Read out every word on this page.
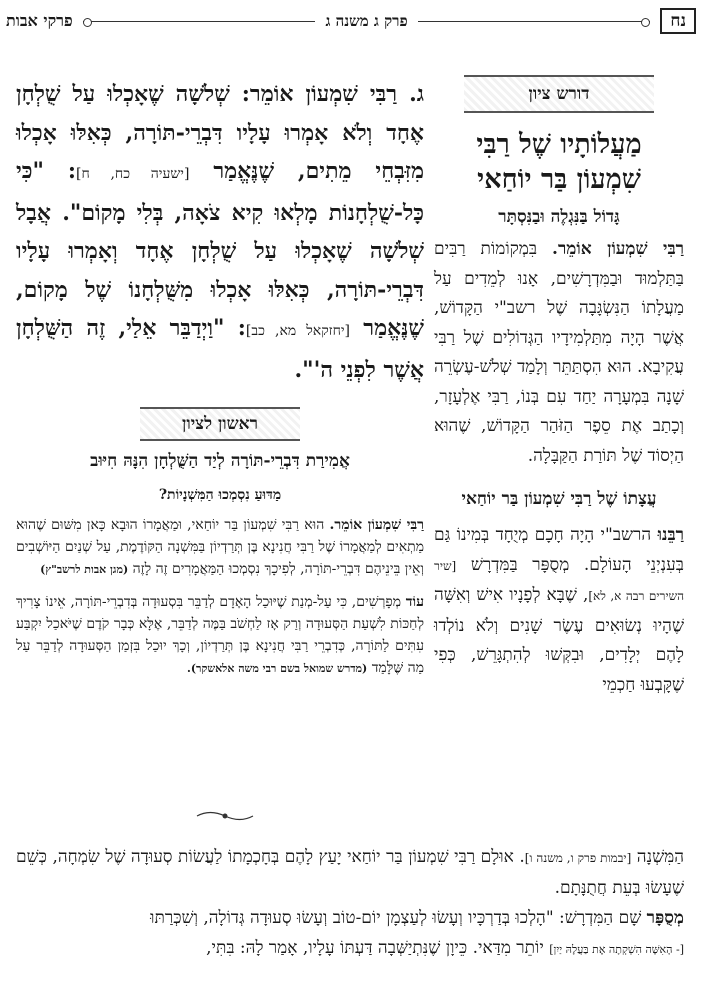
נח
פרק ג משנה ג
פרקי אבות
דורש ציון
מַעֲלוֹתָיו שֶׁל רַבִּי
שִׁמְעוֹן בַּר יוֹחַאי
גָּדוֹל בַּנִּגְלֶה וּבַנִּסְתָּר

רַבִּי שִׁמְעוֹן אוֹמֵר. בִּמְקוֹמוֹת רַבִּים בַּתַּלְמוּד וּבַמִּדְרָשִׁים, אָנוּ לְמֵדִים עַל מַעֲלָתוֹ הַנִּשְׂגָּבָה שֶׁל רשב"י הַקָּדוֹשׁ, אֲשֶׁר הָיָה מִתַּלְמִידָיו הַגְּדוֹלִים שֶׁל רַבִּי עֲקִיבָא. הוּא הִסְתַּתֵּר וְלָמַד שְׁלֹשׁ-עֶשְׂרֵה שָׁנָה בִּמְעָרָה יַחַד עִם בְּנוֹ, רַבִּי אֶלְעָזָר, וְכָתַב אֶת סֵפֶר הַזֹּהַר הַקָּדוֹשׁ, שֶׁהוּא הַיְסוֹד שֶׁל תּוֹרַת הַקַּבָּלָה.

עֲצָתוֹ שֶׁל רַבִּי שִׁמְעוֹן בַּר יוֹחַאי

רַבֵּנוּ הרשב"י הָיָה חָכָם מְיֻחָד בְּמִינוֹ גַּם בְּעִנְיְנֵי הָעוֹלָם. מְסֻפָּר בַּמִּדְרָשׁ [שיר השירים רבה א, לא], שֶׁבָּא לְפָנָיו אִישׁ וְאִשָּׁה שֶׁהָיוּ נְשׂוּאִים עֶשֶׂר שָׁנִים וְלֹא נוֹלְדוּ לָהֶם יְלָדִים, וּבִקְּשׁוּ לְהִתְגָּרֵשׁ, כְּפִי שֶׁקָּבְעוּ חַכְמֵי

ג. רַבִּי שִׁמְעוֹן אוֹמֵר: שְׁלֹשָׁה שֶׁאָכְלוּ עַל שֻׁלְחָן אֶחָד וְלֹא אָמְרוּ עָלָיו דִּבְרֵי-תּוֹרָה, כְּאִלּוּ אָכְלוּ מִזִּבְחֵי מֵתִים, שֶׁנֶּאֱמַר [ישעיה כח, ח]: "כִּי כָּל-שֻׁלְחָנוֹת מָלְאוּ קִיא צֹאָה, בְּלִי מָקוֹם". אֲבָל שְׁלֹשָׁה שֶׁאָכְלוּ עַל שֻׁלְחָן אֶחָד וְאָמְרוּ עָלָיו דִּבְרֵי-תּוֹרָה, כְּאִלּוּ אָכְלוּ מִשֻּׁלְחָנוֹ שֶׁל מָקוֹם, שֶׁנֶּאֱמַר [יחזקאל מא, כב]: "וַיְדַבֵּר אֵלַי, זֶה הַשֻּׁלְחָן אֲשֶׁר לִפְנֵי ה'".

ראשון לציון
אֲמִירַת דִּבְרֵי-תּוֹרָה לְיַד הַשֻּׁלְחָן הִנָּהּ חִיּוּב
מַדּוּעַ נִסְמְכוּ הַמִּשְׁנָיוֹת?

רַבִּי שִׁמְעוֹן אוֹמֵר. הוּא רַבִּי שִׁמְעוֹן בַּר יוֹחַאי, וּמַאֲמָרוֹ הוּבָא כָּאן מִשּׁוּם שֶׁהוּא מַתְאִים לְמַאֲמָרוֹ שֶׁל רַבִּי חֲנִינָא בֶּן תְּרַדְיוֹן בַּמִּשְׁנָה הַקּוֹדֶמֶת, עַל שְׁנַיִם הַיּוֹשְׁבִים וְאֵין בֵּינֵיהֶם דִּבְרֵי-תּוֹרָה, לְפִיכָךְ נִסְמְכוּ הַמַּאֲמָרִים זֶה לָזֶה (מגן אבות לרשב"ץ)

עוֹד מְפָרְשִׁים, כִּי עַל-מְנַת שֶׁיּוּכַל הָאָדָם לְדַבֵּר בִּסְעוּדָה בְּדִבְרֵי-תּוֹרָה, אֵינוֹ צָרִיךְ לְחַכּוֹת לִשְׁעַת הַסְּעוּדָה וְרַק אָז לַחְשֹׁב בַּמֶּה לְדַבֵּר, אֶלָּא כְּבָר קֹדֶם שֶׁיֹּאכַל יִקְבַּע עִתִּים לַתּוֹרָה, כְּדִבְרֵי רַבִּי חֲנִינָא בֶּן תְּרַדְיוֹן, וְכָךְ יוּכַל בִּזְמַן הַסְּעוּדָה לְדַבֵּר עַל מַה שֶּׁלָּמַד (מדרש שמואל בשם רבי משה אלאשקר).

הַמִּשְׁנָה [יבמות פרק ו, משנה ו]. אוּלָם רַבִּי שִׁמְעוֹן בַּר יוֹחַאי יָעַץ לָהֶם בְּחָכְמָתוֹ לַעֲשׂוֹת סְעוּדָה שֶׁל שִׂמְחָה, כְּשֵׁם שֶׁעָשׂוּ בְּעֵת חֲתֻנָּתָם.

מְסֻפָּר שָׁם הַמִּדְרָשׁ: "הָלְכוּ בְּדַרְכָּיו וְעָשׂוּ לְעַצְמָן יוֹם-טוֹב וְעָשׂוּ סְעוּדָה גְּדוֹלָה, וְשִׁכְּרַתּוּ

[- הָאִשָּׁה הִשְׁקְתָה אֶת בַּעֲלָהּ יַיִן] יוֹתֵר מִדַּאי. כֵּיוָן שֶׁנִּתְיַשְּׁבָה דַּעְתּוֹ עָלָיו, אָמַר לָהּ: בִּתִּי,
